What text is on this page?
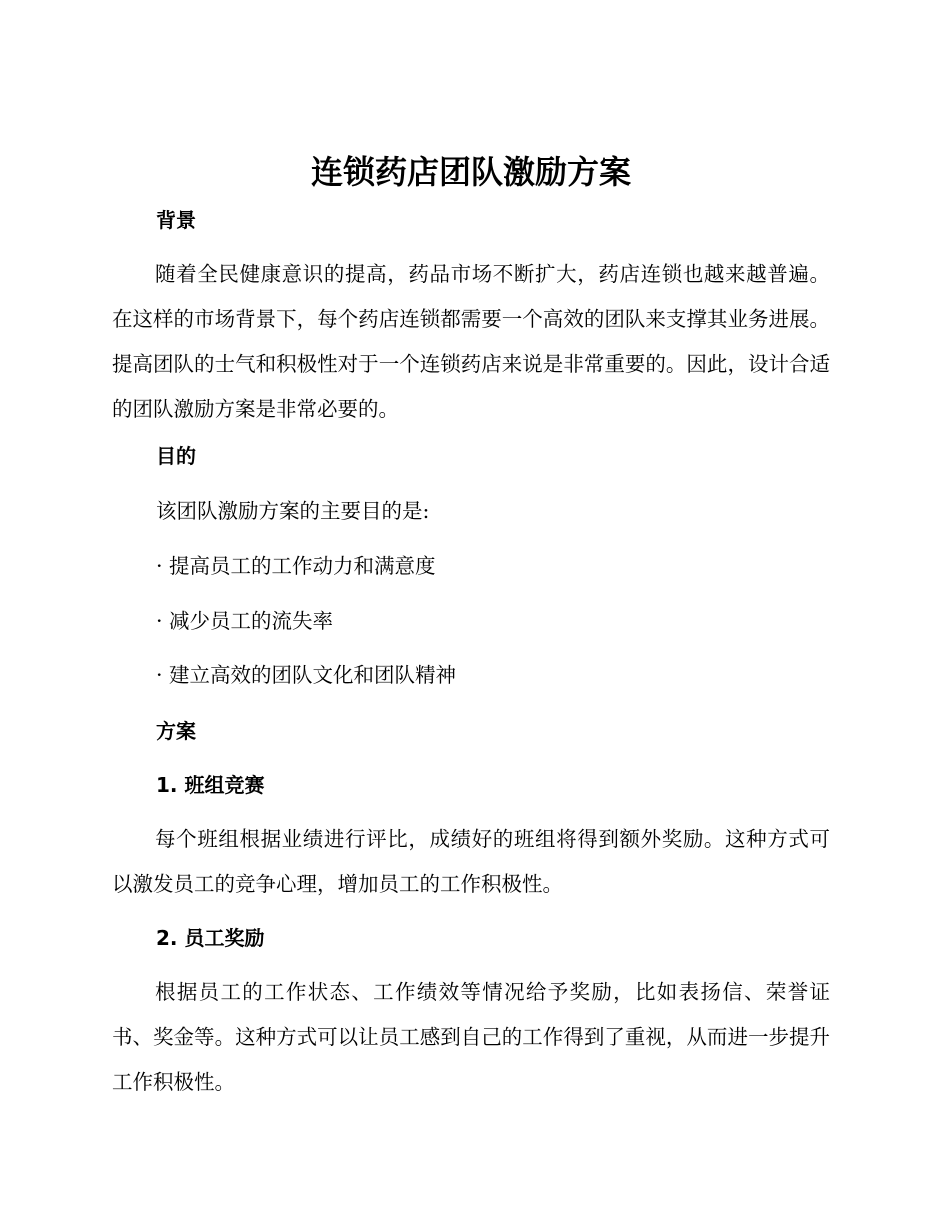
连锁药店团队激励方案
背景
随着全民健康意识的提高，药品市场不断扩大，药店连锁也越来越普遍。在这样的市场背景下，每个药店连锁都需要一个高效的团队来支撑其业务进展。提高团队的士气和积极性对于一个连锁药店来说是非常重要的。因此，设计合适的团队激励方案是非常必要的。
目的
该团队激励方案的主要目的是:
· 提高员工的工作动力和满意度
· 减少员工的流失率
· 建立高效的团队文化和团队精神
方案
1. 班组竞赛
每个班组根据业绩进行评比，成绩好的班组将得到额外奖励。这种方式可以激发员工的竞争心理，增加员工的工作积极性。
2. 员工奖励
根据员工的工作状态、工作绩效等情况给予奖励，比如表扬信、荣誉证书、奖金等。这种方式可以让员工感到自己的工作得到了重视，从而进一步提升工作积极性。
